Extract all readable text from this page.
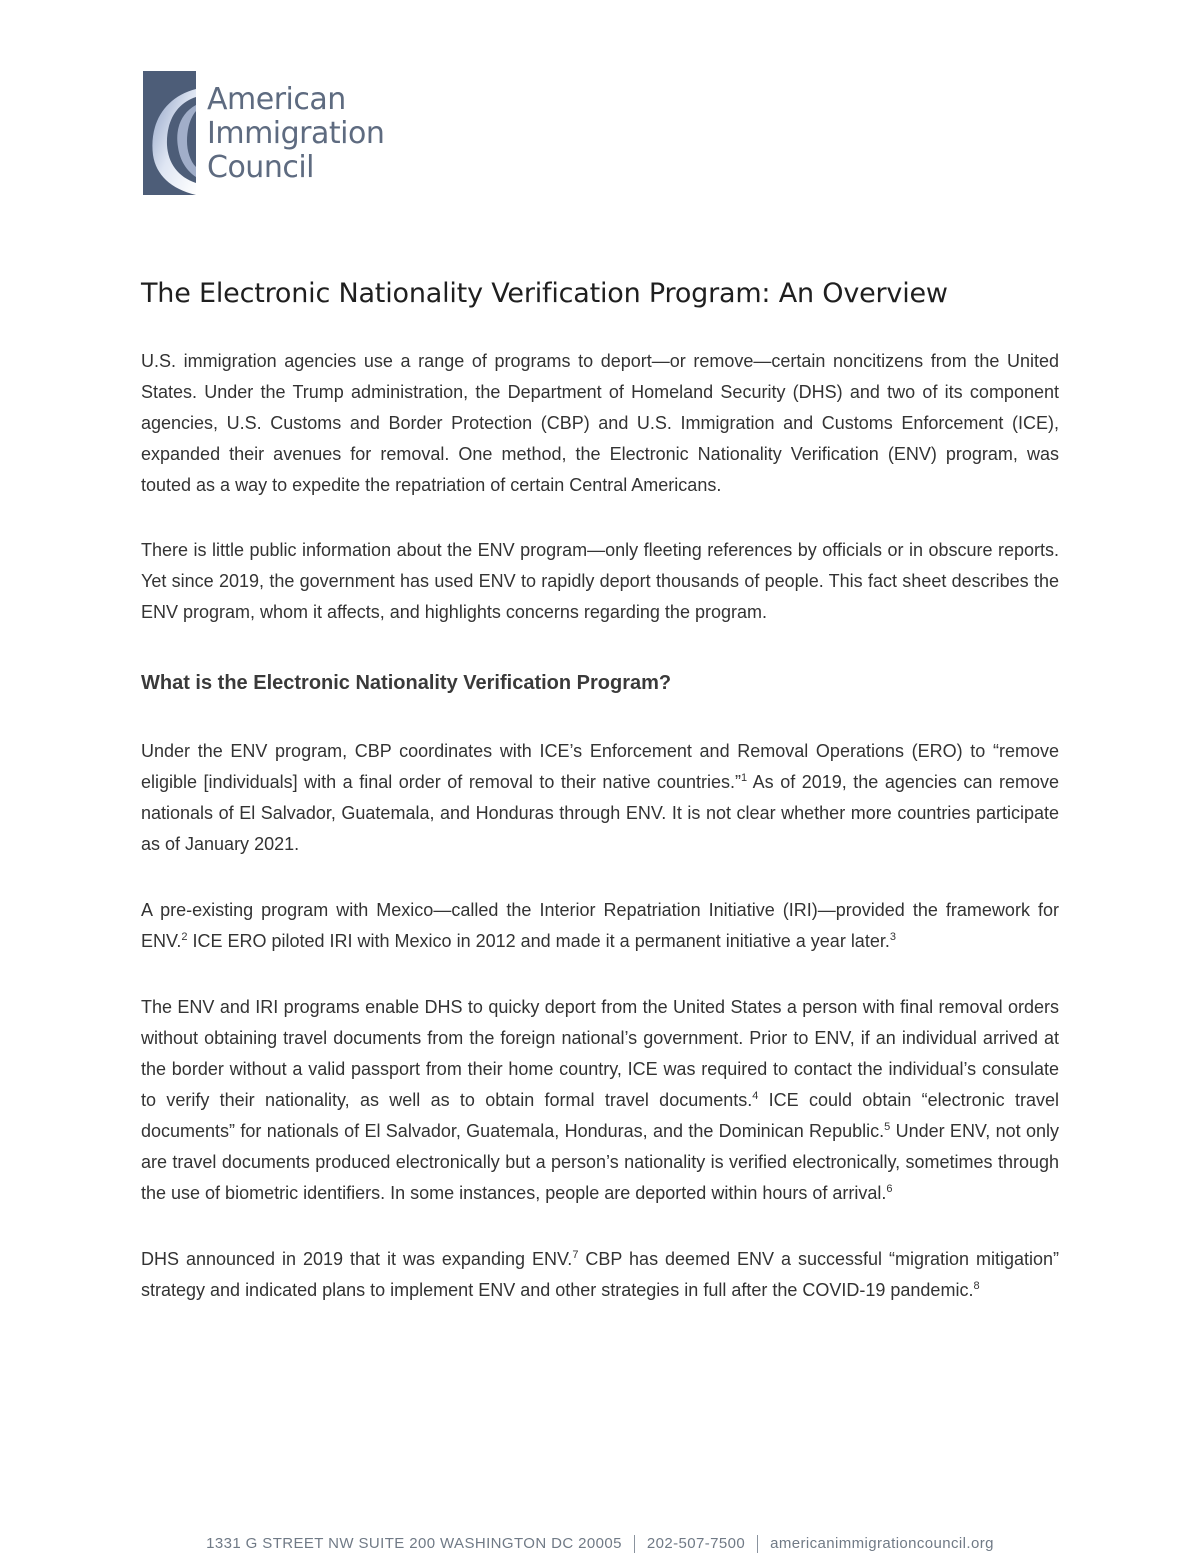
American
Immigration
Council
The Electronic Nationality Verification Program: An Overview

U.S. immigration agencies use a range of programs to deport—or remove—certain noncitizens from the United States. Under the Trump administration, the Department of Homeland Security (DHS) and two of its component agencies, U.S. Customs and Border Protection (CBP) and U.S. Immigration and Customs Enforcement (ICE), expanded their avenues for removal. One method, the Electronic Nationality Verification (ENV) program, was touted as a way to expedite the repatriation of certain Central Americans.

There is little public information about the ENV program—only fleeting references by officials or in obscure reports. Yet since 2019, the government has used ENV to rapidly deport thousands of people. This fact sheet describes the ENV program, whom it affects, and highlights concerns regarding the program.

What is the Electronic Nationality Verification Program?

Under the ENV program, CBP coordinates with ICE’s Enforcement and Removal Operations (ERO) to “remove eligible [individuals] with a final order of removal to their native countries.”$^1$ As of 2019, the agencies can remove nationals of El Salvador, Guatemala, and Honduras through ENV. It is not clear whether more countries participate as of January 2021.

A pre-existing program with Mexico—called the Interior Repatriation Initiative (IRI)—provided the framework for ENV.$^2$ ICE ERO piloted IRI with Mexico in 2012 and made it a permanent initiative a year later.$^3$

The ENV and IRI programs enable DHS to quicky deport from the United States a person with final removal orders without obtaining travel documents from the foreign national’s government. Prior to ENV, if an individual arrived at the border without a valid passport from their home country, ICE was required to contact the individual’s consulate to verify their nationality, as well as to obtain formal travel documents.$^4$ ICE could obtain “electronic travel documents” for nationals of El Salvador, Guatemala, Honduras, and the Dominican Republic.$^5$ Under ENV, not only are travel documents produced electronically but a person’s nationality is verified electronically, sometimes through the use of biometric identifiers. In some instances, people are deported within hours of arrival.$^6$

DHS announced in 2019 that it was expanding ENV.$^7$ CBP has deemed ENV a successful “migration mitigation” strategy and indicated plans to implement ENV and other strategies in full after the COVID-19 pandemic.$^8$

1331 G STREET NW SUITE 200 WASHINGTON DC 20005 202-507-7500 americanimmigrationcouncil.org
